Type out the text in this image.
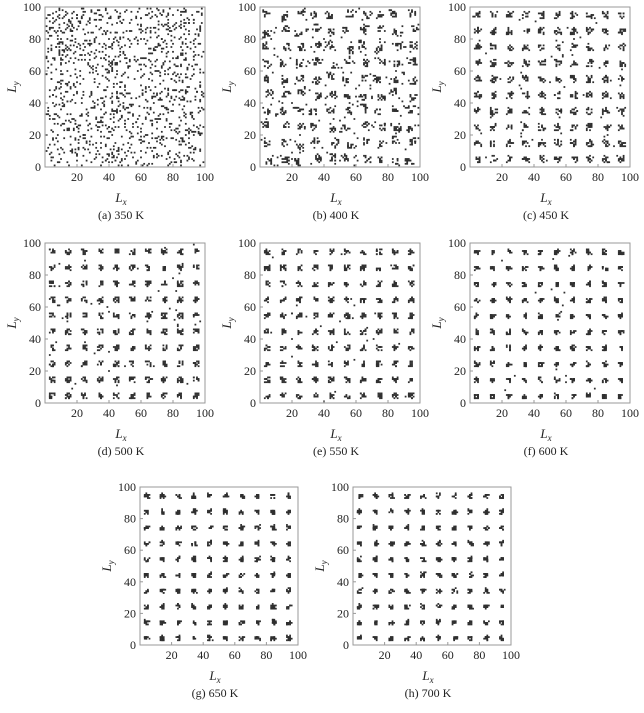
20 40 60 80 100
0
20
40
60
80
100
Lx
Ly
(a) 350 K
20 40 60 80 100
0
20
40
60
80
100
Lx
Ly
(b) 400 K
20 40 60 80 100
0
20
40
60
80
100
Lx
Ly
(c) 450 K
20 40 60 80 100
0
20
40
60
80
100
Lx
Ly
(d) 500 K
20 40 60 80 100
0
20
40
60
80
100
Lx
Ly
(e) 550 K
20 40 60 80 100
0
20
40
60
80
100
Lx
Ly
(f) 600 K
20 40 60 80 100
0
20
40
60
80
100
Lx
Ly
(g) 650 K
20 40 60 80 100
0
20
40
60
80
100
Lx
Ly
(h) 700 K
